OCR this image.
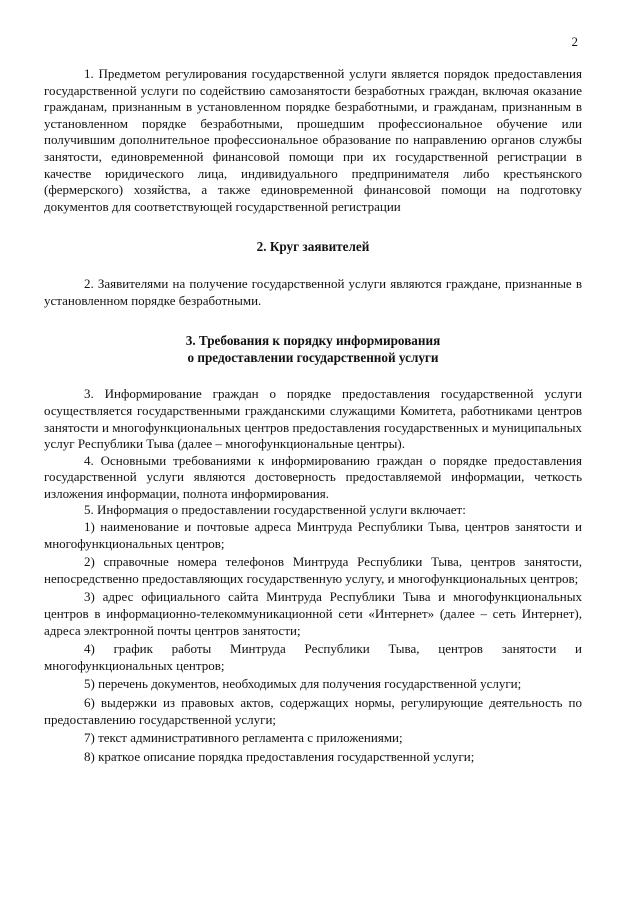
2

1. Предметом регулирования государственной услуги является порядок предоставления государственной услуги по содействию самозанятости безработных граждан, включая оказание гражданам, признанным в установленном порядке безработными, и гражданам, признанным в установленном порядке безработными, прошедшим профессиональное обучение или получившим дополнительное профессиональное образование по направлению органов службы занятости, единовременной финансовой помощи при их государственной регистрации в качестве юридического лица, индивидуального предпринимателя либо крестьянского (фермерского) хозяйства, а также единовременной финансовой помощи на подготовку документов для соответствующей государственной регистрации

2. Круг заявителей

2. Заявителями на получение государственной услуги являются граждане, признанные в установленном порядке безработными.

3. Требования к порядку информирования

о предоставлении государственной услуги

3. Информирование граждан о порядке предоставления государственной услуги осуществляется государственными гражданскими служащими Комитета, работниками центров занятости и многофункциональных центров предоставления государственных и муниципальных услуг Республики Тыва (далее – многофункциональные центры).

4. Основными требованиями к информированию граждан о порядке предоставления государственной услуги являются достоверность предоставляемой информации, четкость изложения информации, полнота информирования.

5. Информация о предоставлении государственной услуги включает:

1) наименование и почтовые адреса Минтруда Республики Тыва, центров занятости и многофункциональных центров;

2) справочные номера телефонов Минтруда Республики Тыва, центров занятости, непосредственно предоставляющих государственную услугу, и многофункциональных центров;

3) адрес официального сайта Минтруда Республики Тыва и многофункциональных центров в информационно-телекоммуникационной сети «Интернет» (далее – сеть Интернет), адреса электронной почты центров занятости;

4) график работы Минтруда Республики Тыва, центров занятости и многофункциональных центров;

5) перечень документов, необходимых для получения государственной услуги;

6) выдержки из правовых актов, содержащих нормы, регулирующие деятельность по предоставлению государственной услуги;

7) текст административного регламента с приложениями;

8) краткое описание порядка предоставления государственной услуги;
